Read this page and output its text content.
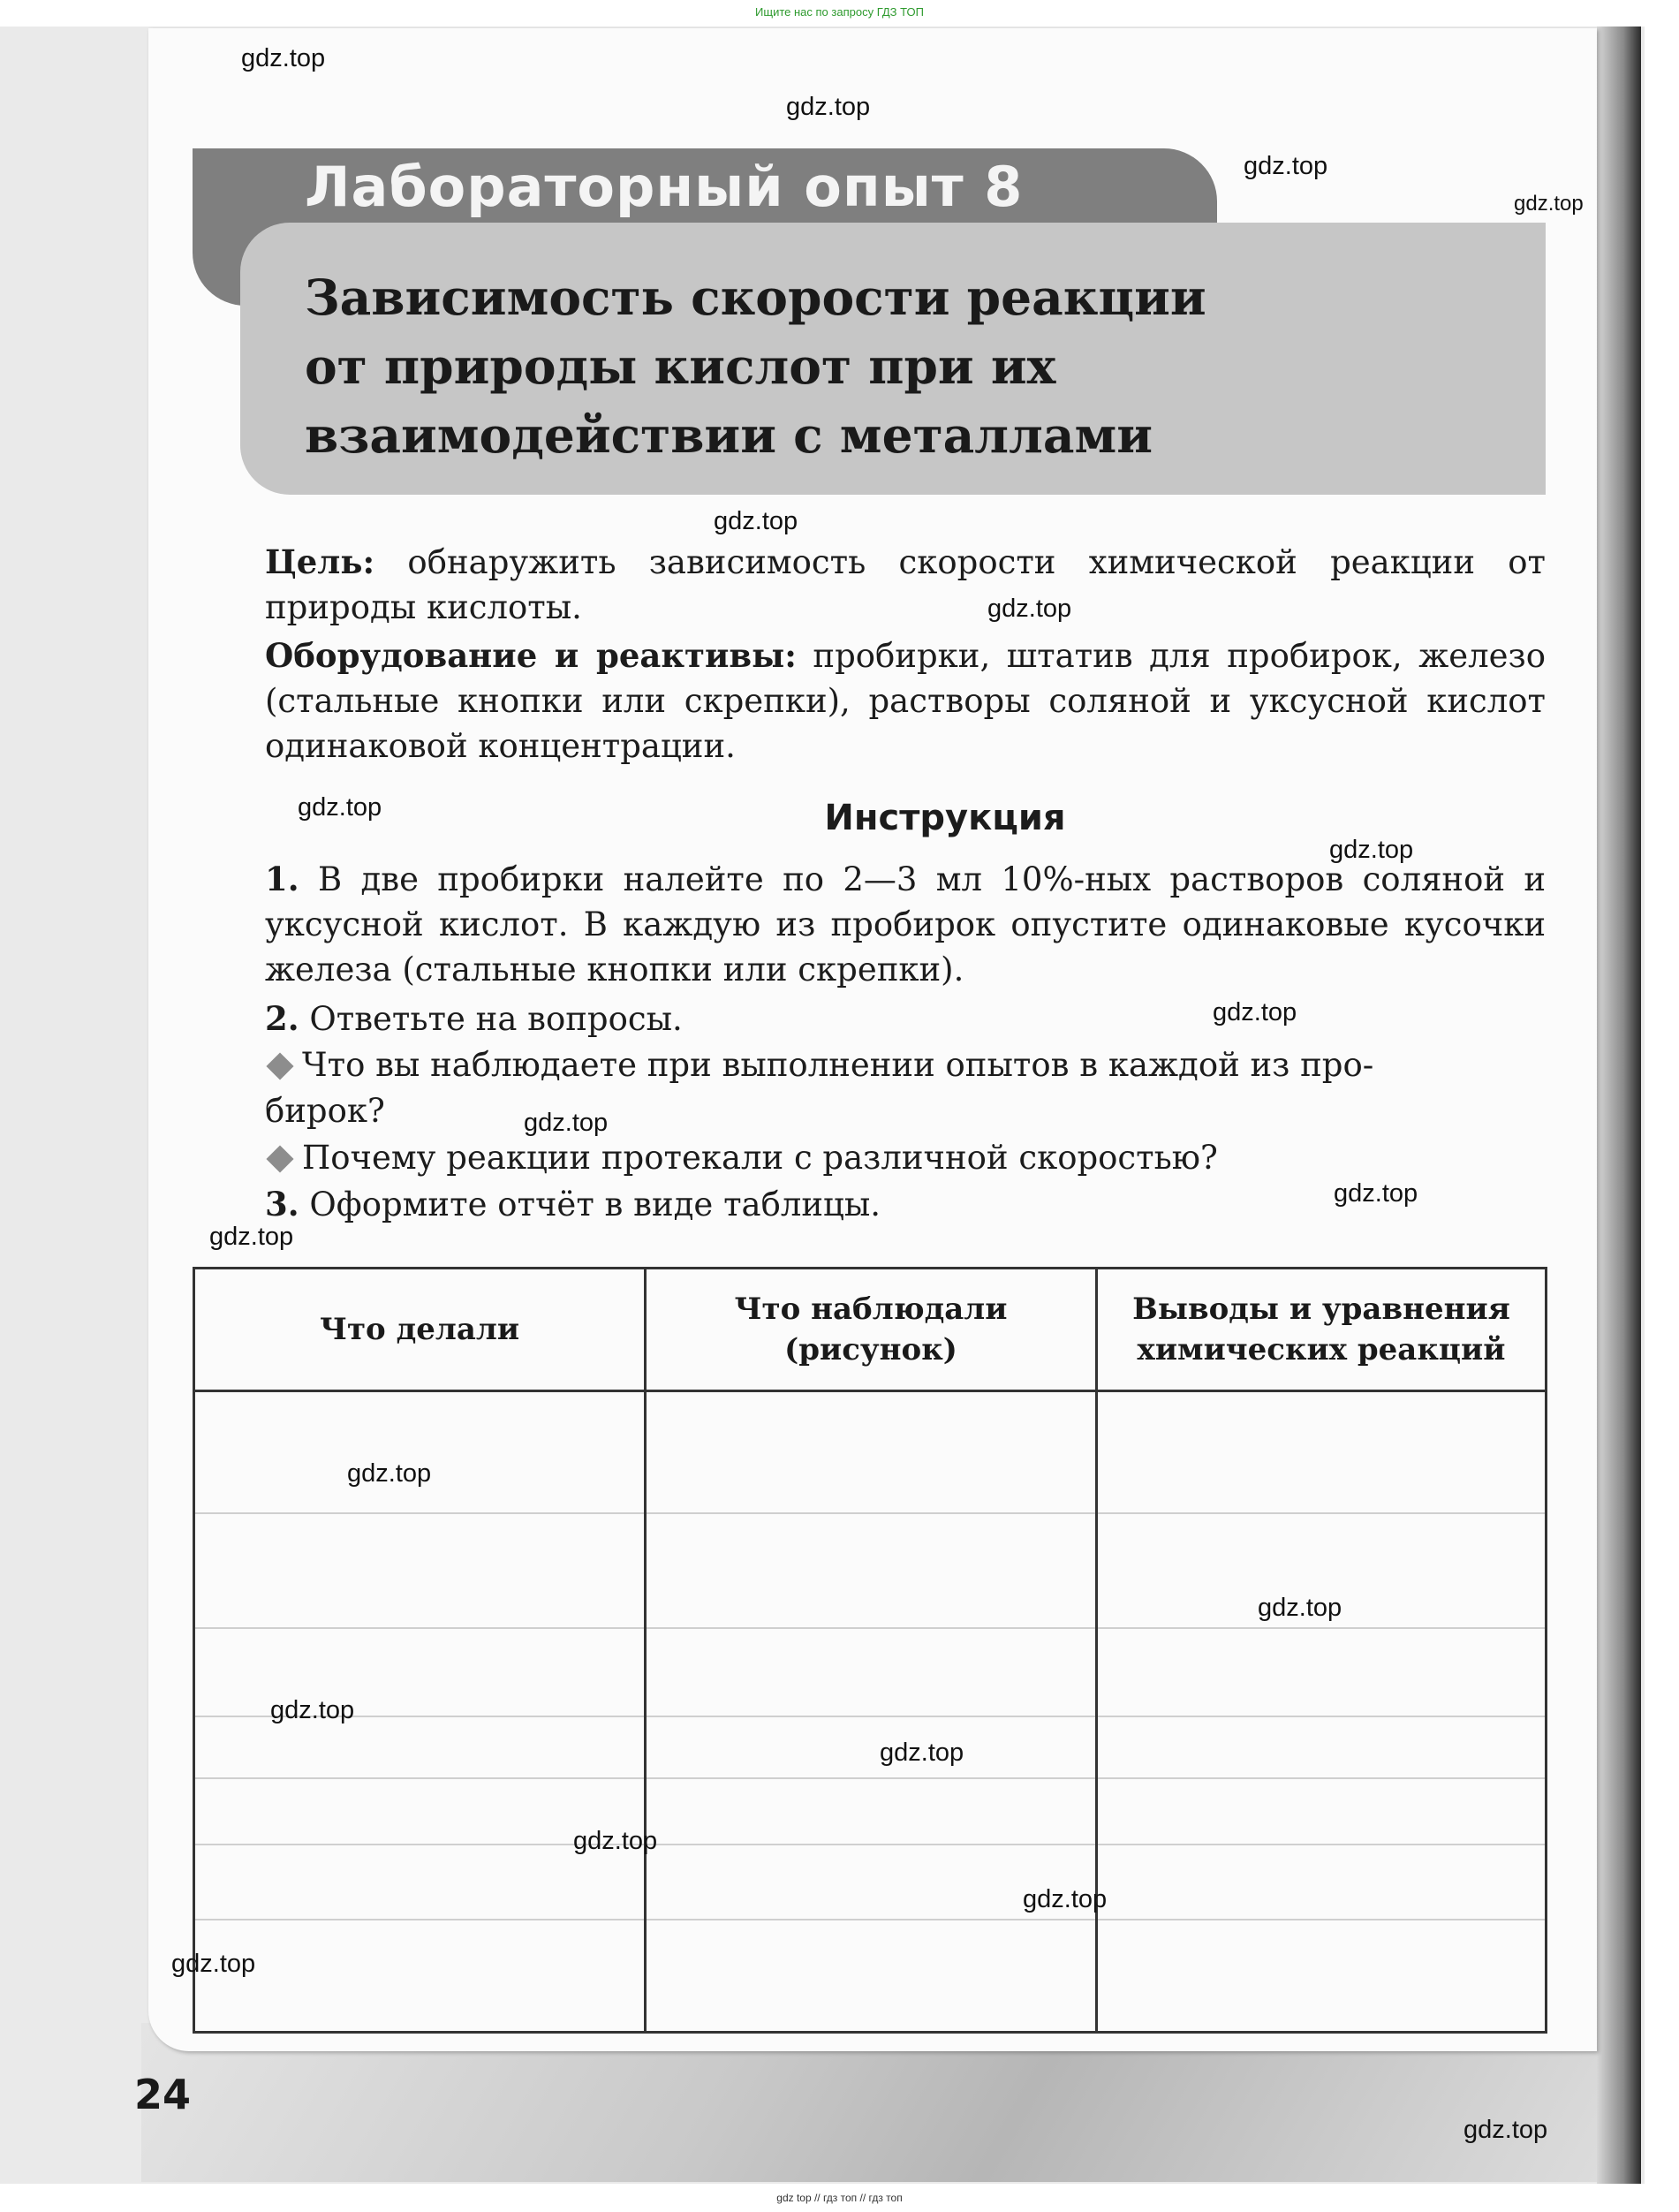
Ищите нас по запросу ГДЗ ТОП
Лабораторный опыт 8
Зависимость скорости реакции
от природы кислот при их
взаимодействии с металлами
Цель: обнаружить зависимость скорости химической реакции от природы кислоты.
Оборудование и реактивы: пробирки, штатив для пробирок, железо (стальные кнопки или скрепки), растворы соляной и уксусной кислот одинаковой концентрации.
Инструкция
1. В две пробирки налейте по 2—3 мл 10%-ных растворов соляной и уксусной кислот. В каждую из пробирок опустите одинаковые кусочки железа (стальные кнопки или скрепки).
2. Ответьте на вопросы.
Что вы наблюдаете при выполнении опытов в каждой из про-
бирок?
Почему реакции протекали с различной скоростью?
3. Оформите отчёт в виде таблицы.
Что делали
Что наблюдали
(рисунок)
Выводы и уравнения
химических реакций
24
gdz.top
gdz.top
gdz.top
gdz.top
gdz.top
gdz.top
gdz.top
gdz.top
gdz.top
gdz.top
gdz.top
gdz.top
gdz.top
gdz.top
gdz.top
gdz.top
gdz.top
gdz.top
gdz.top
gdz.top
gdz top // гдз топ // гдз топ
